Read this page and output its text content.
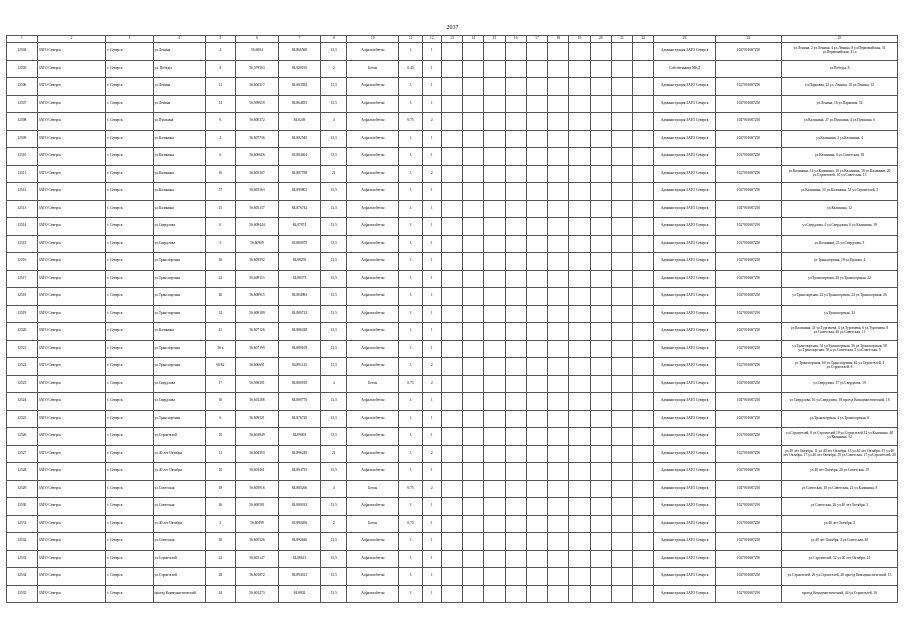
2037
1	2	3	4	5	6	7	9	10	11	12	13	14	15	16	17	18	19	20	21	22	23	24	25
12504	ЗАТО Северск	г. Северск	ул.Ленина	4	56,6004	84,866560	13,5	Асфальтобетон	3	1											Администрация ЗАТО Северск	1027001687250	ул.Ленина, 2 ул.Ленина, 4 ул.Ленина, 8 ул.Первомайская, 31 ул.Первомайская, 31 а
12505	ЗАТО Северск	г. Северск	ул. Победы	8	56,579563	84,920195	2	Бетон	0,45	1											Собственники МКД		ул.Победы, 8
12506	ЗАТО Северск	г. Северск	ул.Ленина	12	56,600317	84,863584	13,5	Асфальтобетон	3	1											Администрация ЗАТО Северск	1027001687250	ул.Парковая, 22 ул. Ленина, 10 ул.Ленина, 12
12507	ЗАТО Северск	г. Северск	ул.Ленина	14	56,599659	84,864835	13,5	Асфальтобетон	3	1											Администрация ЗАТО Северск	1027001687250	ул.Ленина, 16 ул.Парковая, 32
12508	ЗАТО Северск	г. Северск	ул.Пушкина	6	56,600372	84,8249	4	Асфальтобетон	0,75	2											Администрация ЗАТО Северск	1027001687250	ул.Калинина, 27 ул.Пушкина, 4 ул.Пушкина, 6
12509	ЗАТО Северск	г. Северск	ул.Калинина	2	56,607736	84,882549	13,5	Асфальтобетон	3	1											Администрация ЗАТО Северск	1027001687250	ул.Калинина, 2 ул.Калинина, 4
12510	ЗАТО Северск	г. Северск	ул.Калинина	6	56,606606	84,884464	13,5	Асфальтобетон	3	1											Администрация ЗАТО Северск	1027001687250	ул.Калинина, 6 ул.Советская, 18
12511	ЗАТО Северск	г. Северск	ул.Калинина	16	56,605307	84,887788	21	Асфальтобетон	3	2											Администрация ЗАТО Северск	1027001687250	ул.Калинина, 14 ул.Калинина, 16 ул.Калинина, 18 ул.Калинина, 20 ул.Строителей, 10 ул.Советская, 13
12512	ЗАТО Северск	г. Северск	ул.Калинина	57	56,605163	84,890803	13,5	Асфальтобетон	3	1											Администрация ЗАТО Северск	1027001687250	ул.Калинина, 55 ул.Калинина, 55 ул.Строителей, 5
12513	ЗАТО Северск	г. Северск	ул.Калинина	13	56,605137	84,876742	13,5	Асфальтобетон	3	1											Администрация ЗАТО Северск	1027001687250	ул.Калинина, 12
12514	ЗАТО Северск	г. Северск	ул.Свердлова	6	56,609444	84,87874	13,5	Асфальтобетон	3	1											Администрация ЗАТО Северск	1027001687250	ул.Свердлова, 4 ул.Свердлова, 6 ул.Калинина, 19
12515	ЗАТО Северск	г. Северск	ул.Свердлова	3	56,60909	84,880079	13,5	Асфальтобетон	3	1											Администрация ЗАТО Северск	1027001687250	ул.Калинина, 23 ул.Свердлова, 3
12516	ЗАТО Северск	г. Северск	ул.Транспортная	18	56,609592	84,88259	13,5	Асфальтобетон	3	1											Администрация ЗАТО Северск	1027001687250	ул.Транспортная, 18 ул.Ершова, 4
12517	ЗАТО Северск	г. Северск	ул.Транспортная	22	56,609113	84,88375	13,5	Асфальтобетон	3	1											Администрация ЗАТО Северск	1027001687250	ул.Транспортная, 20 ул.Транспортная, 22
12518	ЗАТО Северск	г. Северск	ул.Транспортная	26	56,608915	84,884984	13,5	Асфальтобетон	3	1											Администрация ЗАТО Северск	1027001687250	ул.Транспортная, 22 ул.Транспортная, 24 ул.Транспортная, 26
12519	ЗАТО Северск	г. Северск	ул.Транспортная	32	56,608189	84,886722	13,5	Асфальтобетон	3	1											Администрация ЗАТО Северск	1027001687250	ул.Транспортная, 32
12520	ЗАТО Северск	г. Северск	ул.Калинина	41	56,607126	84,886438	13,5	Асфальтобетон	3	1											Администрация ЗАТО Северск	1027001687250	ул.Калинина, 41 ул.Тургенева, 4 ул.Тургенева, 6 ул.Тургенева, 8 ул.Советская, 40 ул.Советская, 11
12521	ЗАТО Северск	г. Северск	ул.Транспортная	56 а	56,607199	84,889109	13,5	Асфальтобетон	3	1											Администрация ЗАТО Северск	1027001687250	ул.Транспортная, 54 ул.Транспортная, 56 ул.Транспортная, 58 ул.Транспортная, 58 а ул.Советская, 5 ул.Советская, 5
12522	ЗАТО Северск	г. Северск	ул.Транспортная	60/62	56,606691	84,891125	13,5	Асфальтобетон	3	2											Администрация ЗАТО Северск	1027001687250	ул.Транспортная, 60 ул.Транспортная, 62 ул.Строителей, 4 ул.Строителей, 6
12523	ЗАТО Северск	г. Северск	ул.Свердлова	17	56,596301	84,880918	4	Бетон	0,75	2											Администрация ЗАТО Северск	1027001687250	ул.Свердлова, 17 ул.Свердлова, 19
12524	ЗАТО Северск	г. Северск	ул.Свердлова	16	56,601188	84,880776	13,5	Асфальтобетон	3	1											Администрация ЗАТО Северск	1027001687250	ул.Свердлова, 16 ул.Свердлова, 18 проезд Коммунистический, 18
12525	ЗАТО Северск	г. Северск	ул.Транспортная	6	56,609521	84,876729	13,5	Асфальтобетон	3	1											Администрация ЗАТО Северск	1027001687250	ул.Транспортная, 4 ул.Транспортная, 6
12526	ЗАТО Северск	г. Северск	ул.Строителей	10	56,603849	84,89003	13,5	Асфальтобетон	3	1											Администрация ЗАТО Северск	1027001687250	ул.Строителей, 8 ул.Строителей,10 ул.Строителей,12 ул.Калинина, 48 ул.Калинина, 52
12527	ЗАТО Северск	г. Северск	ул.40 лет Октября	13	56,604393	84,896249	21	Асфальтобетон	3	2											Администрация ЗАТО Северск	1027001687250	ул.40 лет Октября, 11 ул.40 лет Октября, 13 ул.40 лет Октября, 15 ул.40 лет Октября, 17 ул.40 лет Октября, 19 ул.Советская, 17 ул.Строителей, 20
12528	ЗАТО Северск	г. Северск	ул.40 лет Октября	10	56,603461	84,894733	13,5	Асфальтобетон	3	1											Администрация ЗАТО Северск	1027001687250	ул.40 лет Октября, 20 ул.Советская, 19
12529	ЗАТО Северск	г. Северск	ул.Советская	18	56,605916	84,885266	4	Бетон	0,75	2											Администрация ЗАТО Северск	1027001687250	ул.Советская, 18 ул.Советская, 22 ул.Калинина, 8
12530	ЗАТО Северск	г. Северск	ул.Советская	26	56,600581	84,880013	13,5	Асфальтобетон	3	1											Администрация ЗАТО Северск	1027001687250	ул.Советская, 26 ул.40 лет Октября, 5
12531	ЗАТО Северск	г. Северск	ул.40 лет Октября	2	56,60499	84,890206	2	Бетон	0,75	1											Администрация ЗАТО Северск	1027001687250	ул.40 лет Октября, 2
12532	ЗАТО Северск	г. Северск	ул.Советская	30	56,605526	84,892646	13,5	Асфальтобетон	3	1											Администрация ЗАТО Северск	1027001687250	ул.40 лет Октября, 3 ул.Советская, 30
12533	ЗАТО Северск	г. Северск	ул.Строителей	22	56,603147	84,88615	13,5	Асфальтобетон	3	1											Администрация ЗАТО Северск	1027001687250	ул.Строителей, 32 ул.40 лет Октября, 14
12534	ЗАТО Северск	г. Северск	ул.Строителей	28	56,601872	84,894012	13,5	Асфальтобетон	3	1											Администрация ЗАТО Северск	1027001687250	ул.Строителей, 26 ул.Строителей, 28 проезд Коммунистический, 13
12535	ЗАТО Северск	г. Северск	проезд Коммунистический	44	56,601273	84,8802	13,5	Асфальтобетон	3	1											Администрация ЗАТО Северск	1027001687250	проезд Коммунистический, 44 ул.Строителей, 16
